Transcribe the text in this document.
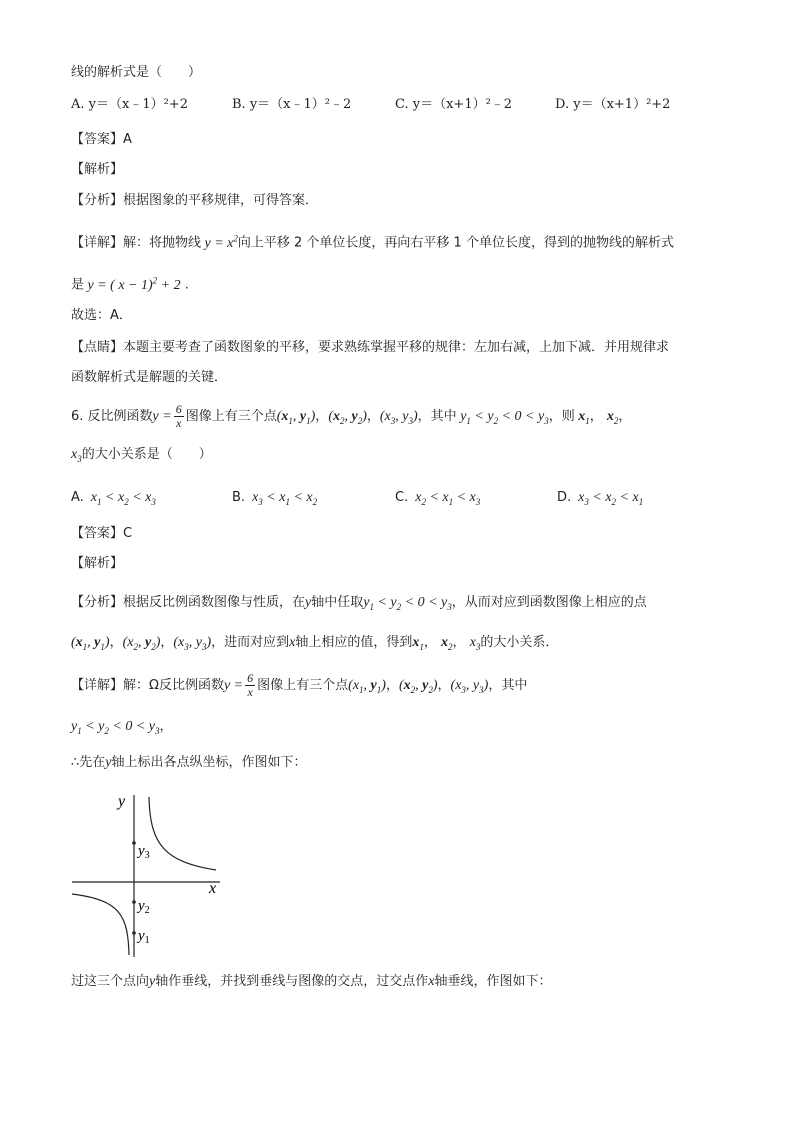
线的解析式是（　　）
A. y＝（x﹣1）²+2	B. y＝（x﹣1）²﹣2	C. y＝（x+1）²﹣2	D. y＝（x+1）²+2
【答案】A
【解析】
【分析】根据图象的平移规律，可得答案．
【详解】解：将抛物线 $y = x^2$向上平移 2 个单位长度，再向右平移 1 个单位长度，得到的抛物线的解析式
是 y = ( x − 1)$^2$ + 2 .
故选：A．
【点睛】本题主要考查了函数图象的平移，要求熟练掌握平移的规律：左加右减，上加下减．并用规律求
函数解析式是解题的关键．
6. 反比例函数$y = \frac{6}{x}$ 图像上有三个点($x_1$, $y_1$)，($x_2$, $y_2$)，($x_3$, $y_3$)，其中 $y_1 < y_2 < 0 < y_3$，则 $x_1$， $x_2$，
$x_3$的大小关系是（　　）
A.  $x_1 < x_2 < x_3$	B.  $x_3 < x_1 < x_2$	C.  $x_2 < x_1 < x_3$	D.  $x_3 < x_2 < x_1$
【答案】C
【解析】
【分析】根据反比例函数图像与性质，在y轴中任取$y_1 < y_2 < 0 < y_3$，从而对应到函数图像上相应的点
($x_1$, $y_1$)，($x_2$, $y_2$)，($x_3$, $y_3$)，进而对应到x轴上相应的值，得到$x_1$， $x_2$， $x_3$的大小关系．
【详解】解：Ω反比例函数$y = \frac{6}{x}$ 图像上有三个点($x_1$, $y_1$)，($x_2$, $y_2$)，($x_3$, $y_3$)，其中
$y_1 < y_2 < 0 < y_3$，
∴先在y轴上标出各点纵坐标，作图如下：
y
x
$y_3$
$y_2$
$y_1$
过这三个点向y轴作垂线，并找到垂线与图像的交点，过交点作x轴垂线，作图如下：
